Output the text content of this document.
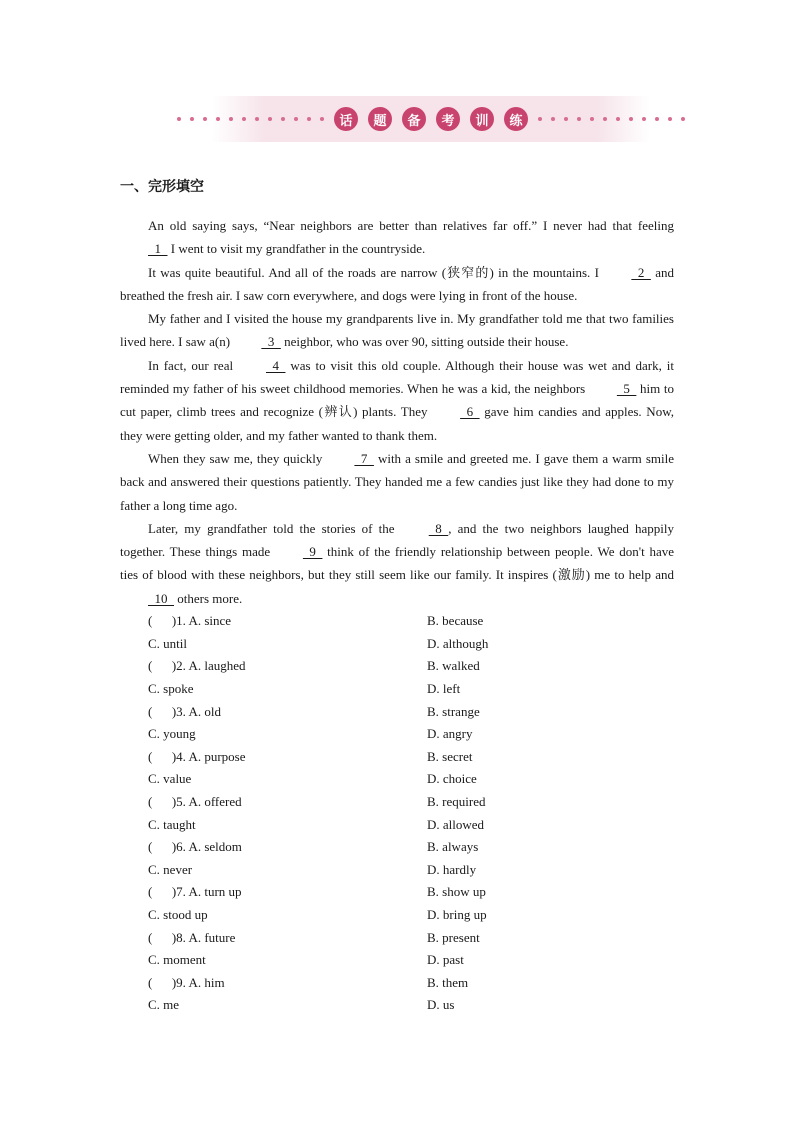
话	题	备	考	训	练
一、完形填空

An old saying says, “Near neighbors are better than relatives far off.” I never had that feeling  1   I went to visit my grandfather in the countryside.

It was quite beautiful. And all of the roads are narrow (狭窄的) in the mountains. I   2   and breathed the fresh air. I saw corn everywhere, and dogs were lying in front of the house.

My father and I visited the house my grandparents live in. My grandfather told me that two families lived here. I saw a(n)   3   neighbor, who was over 90, sitting outside their house.

In fact, our real   4   was to visit this old couple. Although their house was wet and dark, it reminded my father of his sweet childhood memories. When he was a kid, the neighbors   5   him to cut paper, climb trees and recognize (辨认) plants. They   6   gave him candies and apples. Now, they were getting older, and my father wanted to thank them.

When they saw me, they quickly   7   with a smile and greeted me. I gave them a warm smile back and answered their questions patiently. They handed me a few candies just like they had done to my father a long time ago.

Later, my grandfather told the stories of the   8  , and the two neighbors laughed happily together. These things made   9   think of the friendly relationship between people. We don't have ties of blood with these neighbors, but they still seem like our family. It inspires (激励) me to help and   10   others more.

(      )1. A. since	B. because
C. until	D. although
(      )2. A. laughed	B. walked
C. spoke	D. left
(      )3. A. old	B. strange
C. young	D. angry
(      )4. A. purpose	B. secret
C. value	D. choice
(      )5. A. offered	B. required
C. taught	D. allowed
(      )6. A. seldom	B. always
C. never	D. hardly
(      )7. A. turn up	B. show up
C. stood up	D. bring up
(      )8. A. future	B. present
C. moment	D. past
(      )9. A. him	B. them
C. me	D. us
